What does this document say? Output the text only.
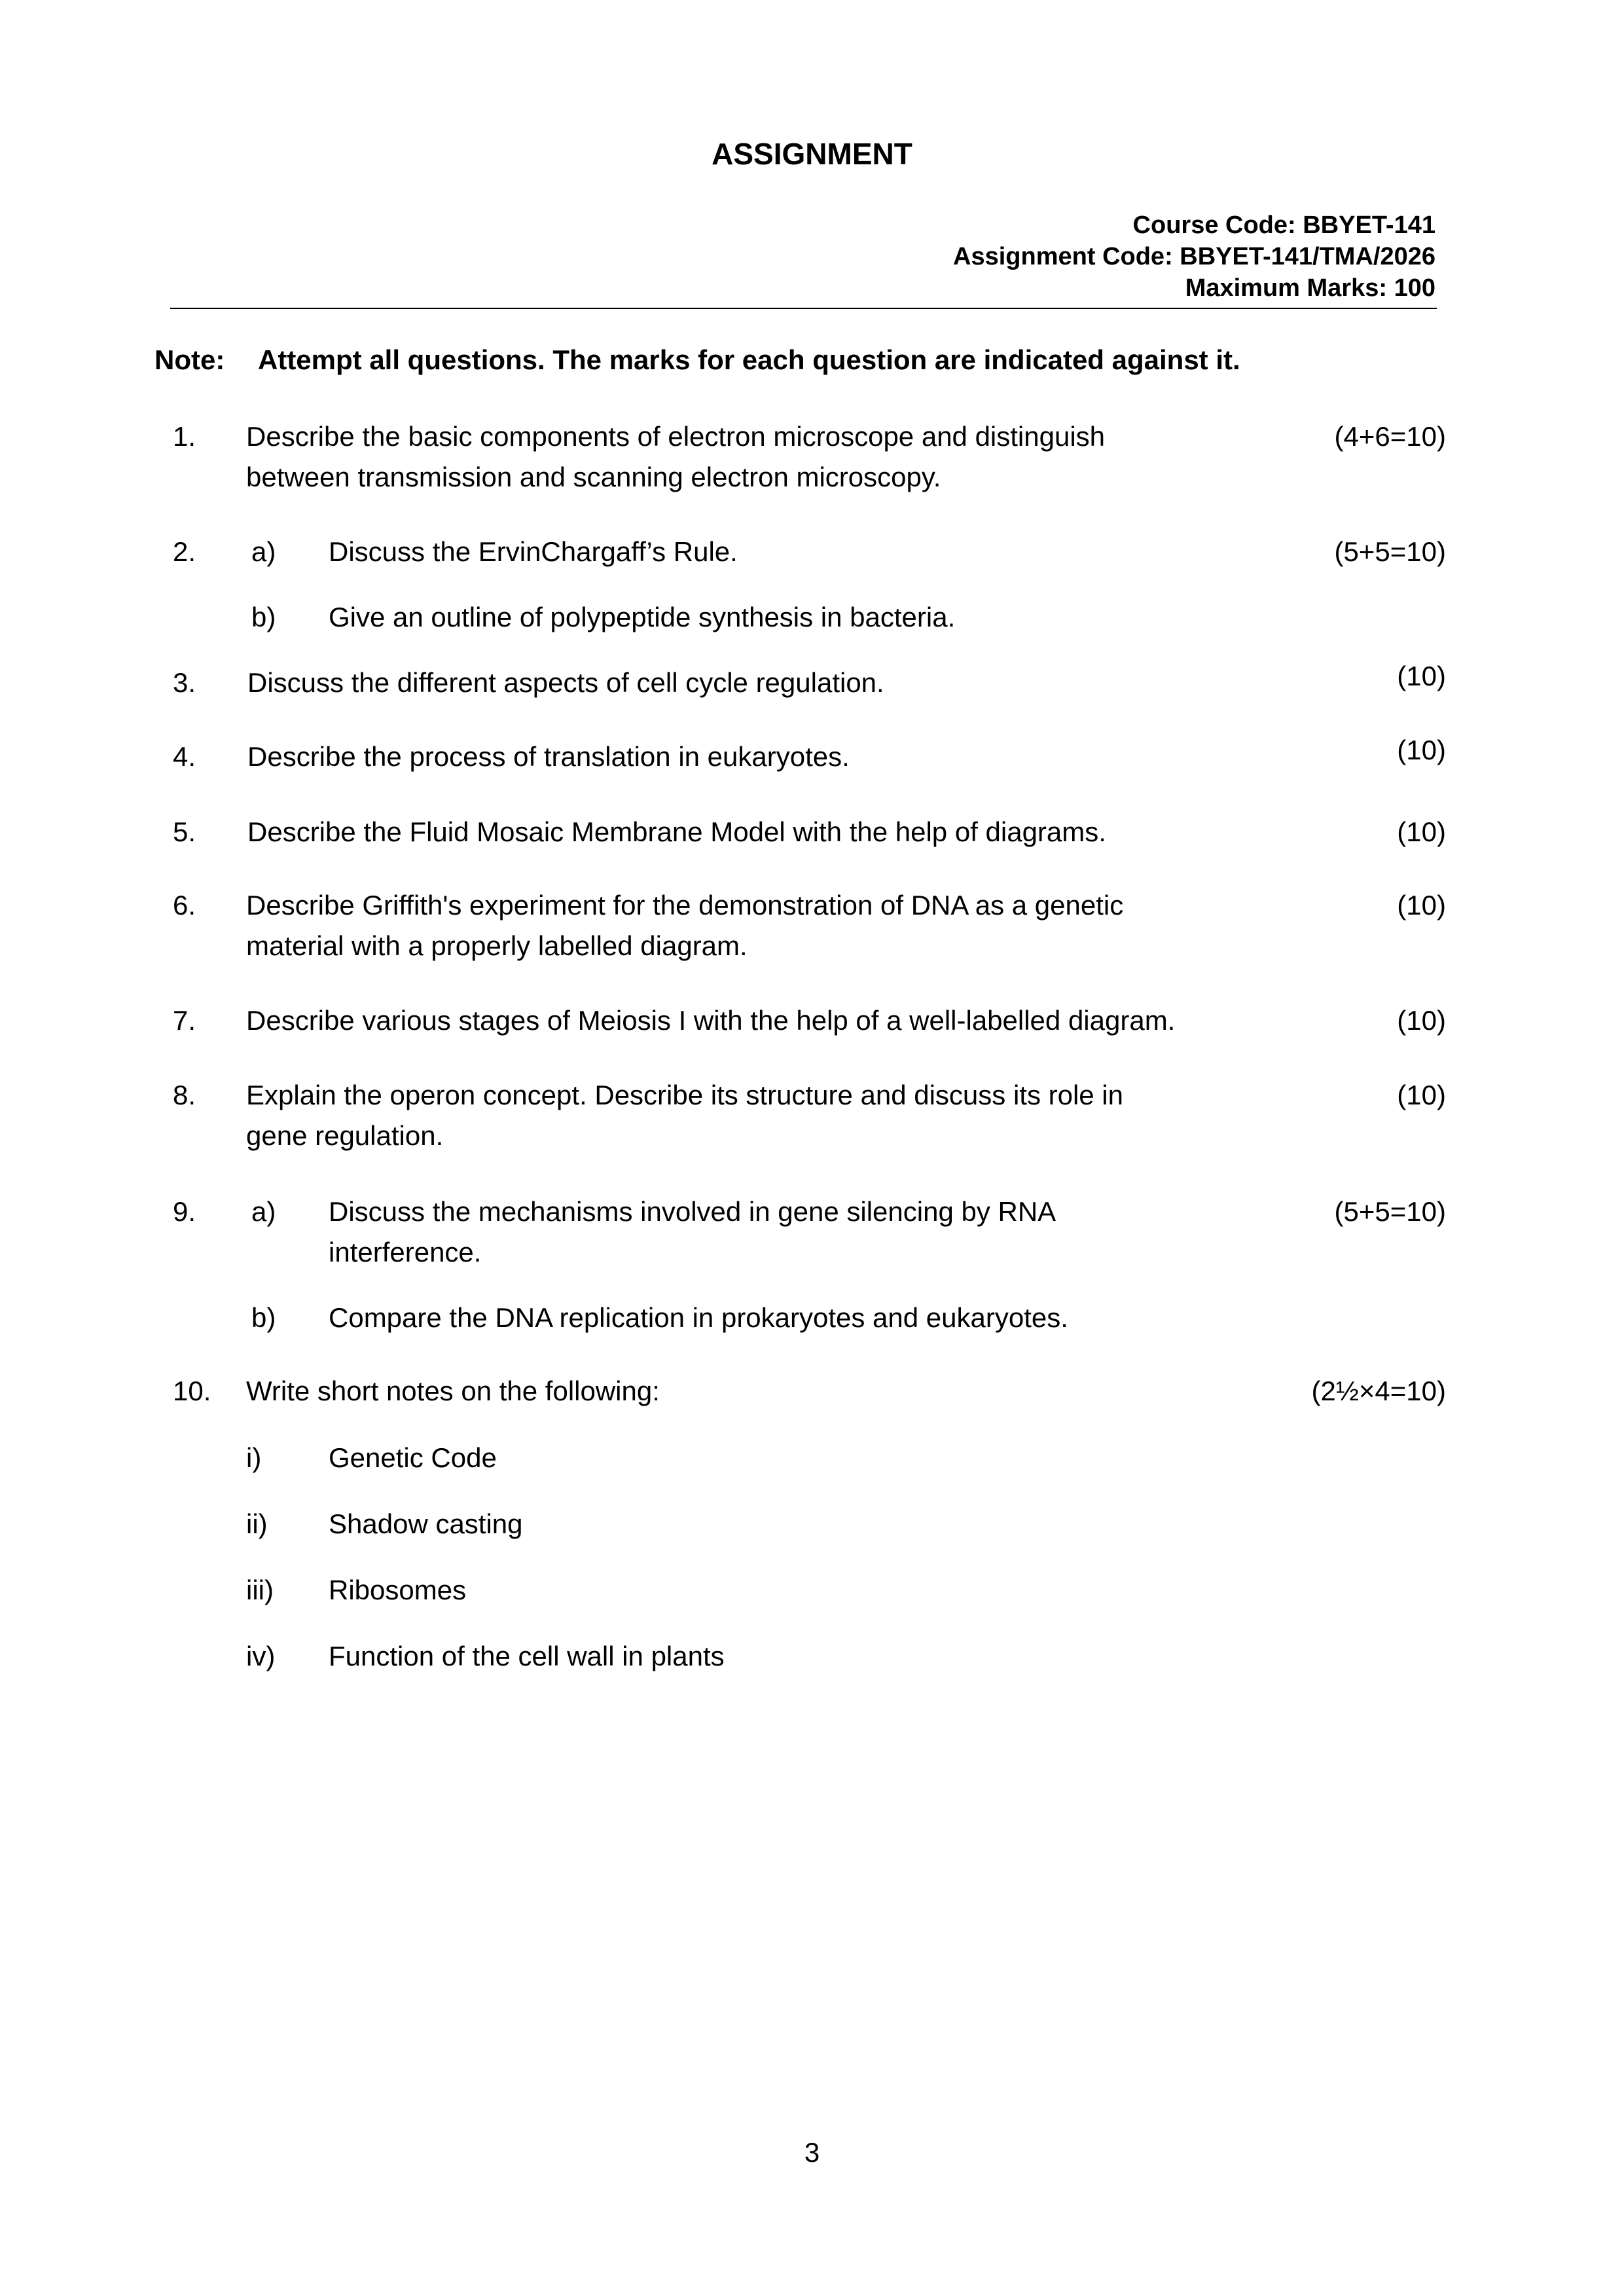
ASSIGNMENT
Course Code: BBYET-141
Assignment Code: BBYET-141/TMA/2026
Maximum Marks: 100
Note: Attempt all questions. The marks for each question are indicated against it.
1. Describe the basic components of electron microscope and distinguish
between transmission and scanning electron microscopy.
(4+6=10)
2. a) Discuss the ErvinChargaff’s Rule.
b) Give an outline of polypeptide synthesis in bacteria.
(5+5=10)
3. Discuss the different aspects of cell cycle regulation.	(10)
4. Describe the process of translation in eukaryotes.	(10)
5. Describe the Fluid Mosaic Membrane Model with the help of diagrams.	(10)
6. Describe Griffith's experiment for the demonstration of DNA as a genetic
material with a properly labelled diagram.
(10)
7. Describe various stages of Meiosis I with the help of a well-labelled diagram.	(10)
8. Explain the operon concept. Describe its structure and discuss its role in
gene regulation.
(10)
9. a) Discuss the mechanisms involved in gene silencing by RNA
interference.
b) Compare the DNA replication in prokaryotes and eukaryotes.
(5+5=10)
10. Write short notes on the following:	(2½×4=10)
i) Genetic Code
ii) Shadow casting
iii) Ribosomes
iv) Function of the cell wall in plants
3
